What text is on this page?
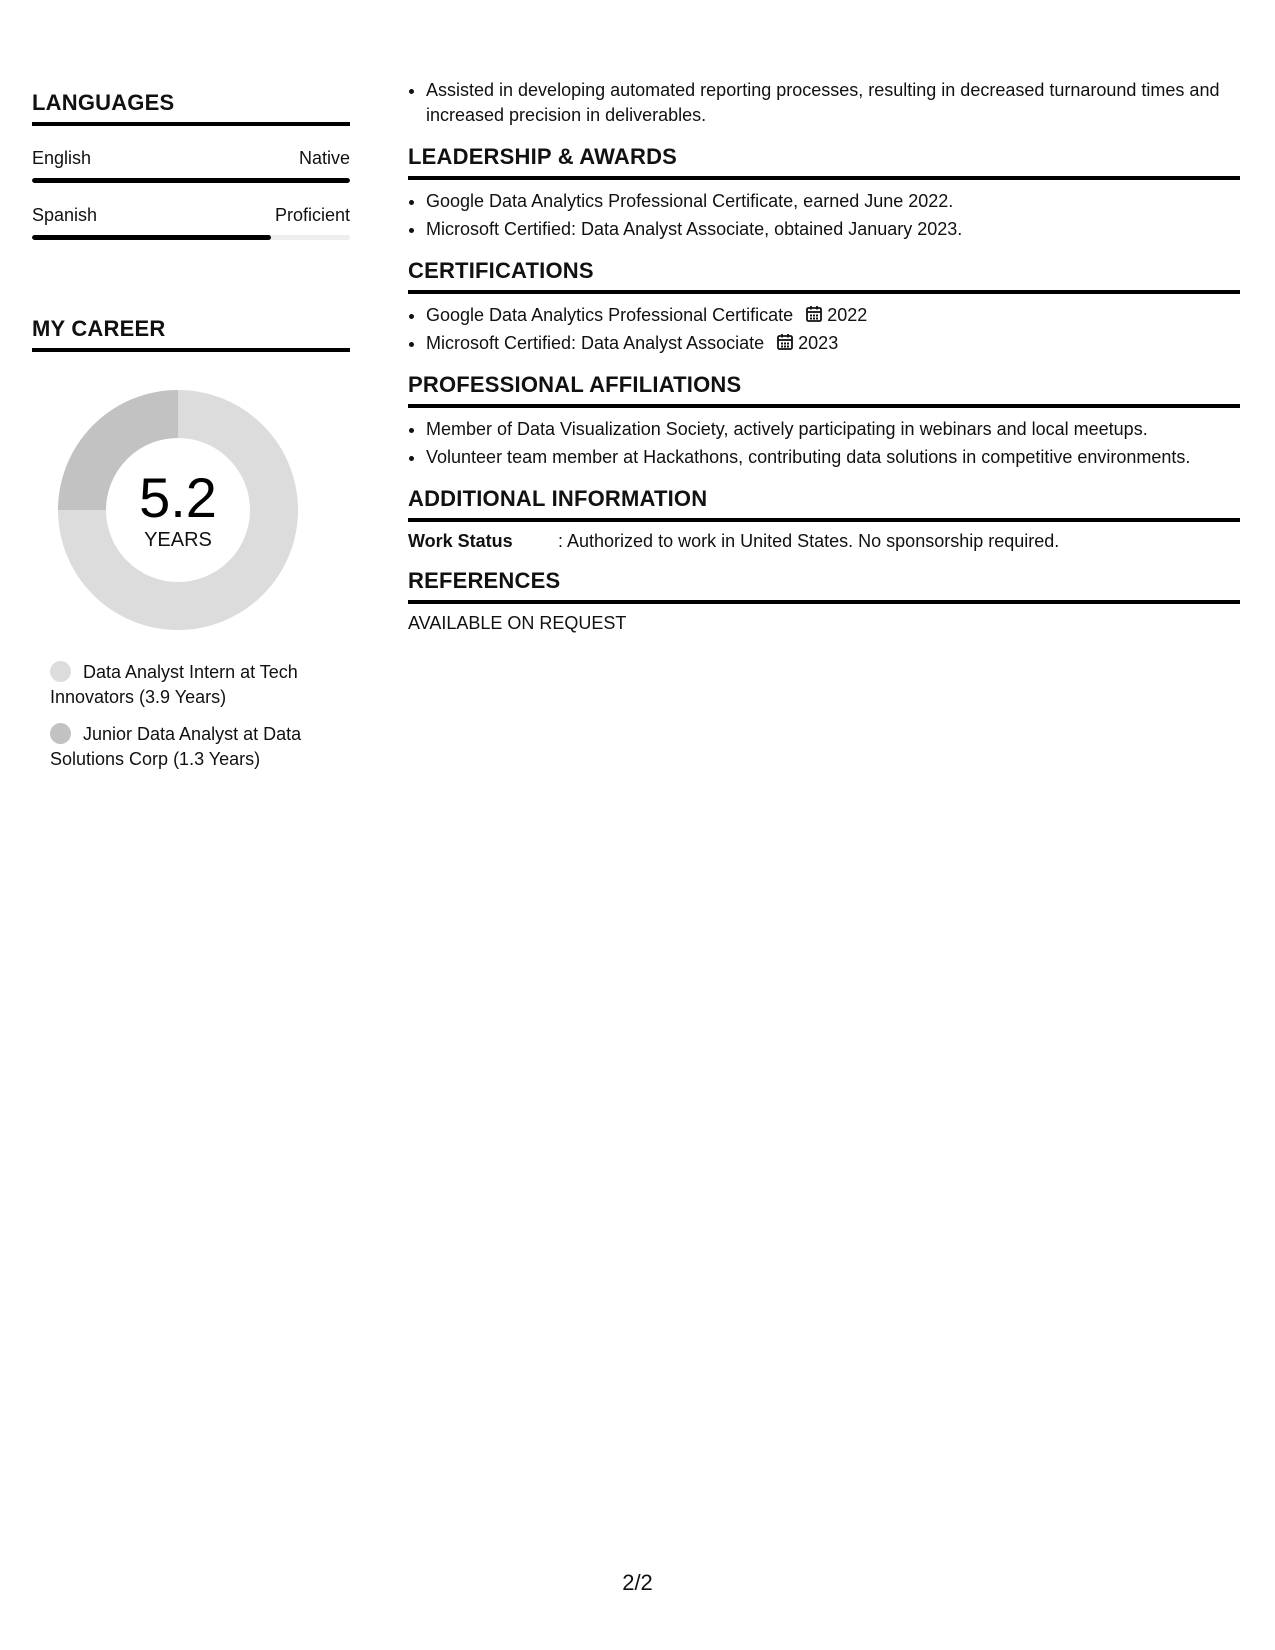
LANGUAGES
English	Native
Spanish	Proficient
MY CAREER
5.2
YEARS
Data Analyst Intern at Tech Innovators (3.9 Years)
Junior Data Analyst at Data Solutions Corp (1.3 Years)
• Assisted in developing automated reporting processes, resulting in decreased turnaround times and increased precision in deliverables.
LEADERSHIP & AWARDS
• Google Data Analytics Professional Certificate, earned June 2022.
• Microsoft Certified: Data Analyst Associate, obtained January 2023.
CERTIFICATIONS
• Google Data Analytics Professional Certificate 2022
• Microsoft Certified: Data Analyst Associate 2023
PROFESSIONAL AFFILIATIONS
• Member of Data Visualization Society, actively participating in webinars and local meetups.
• Volunteer team member at Hackathons, contributing data solutions in competitive environments.
ADDITIONAL INFORMATION
Work Status	: Authorized to work in United States. No sponsorship required.
REFERENCES
AVAILABLE ON REQUEST
2/2
